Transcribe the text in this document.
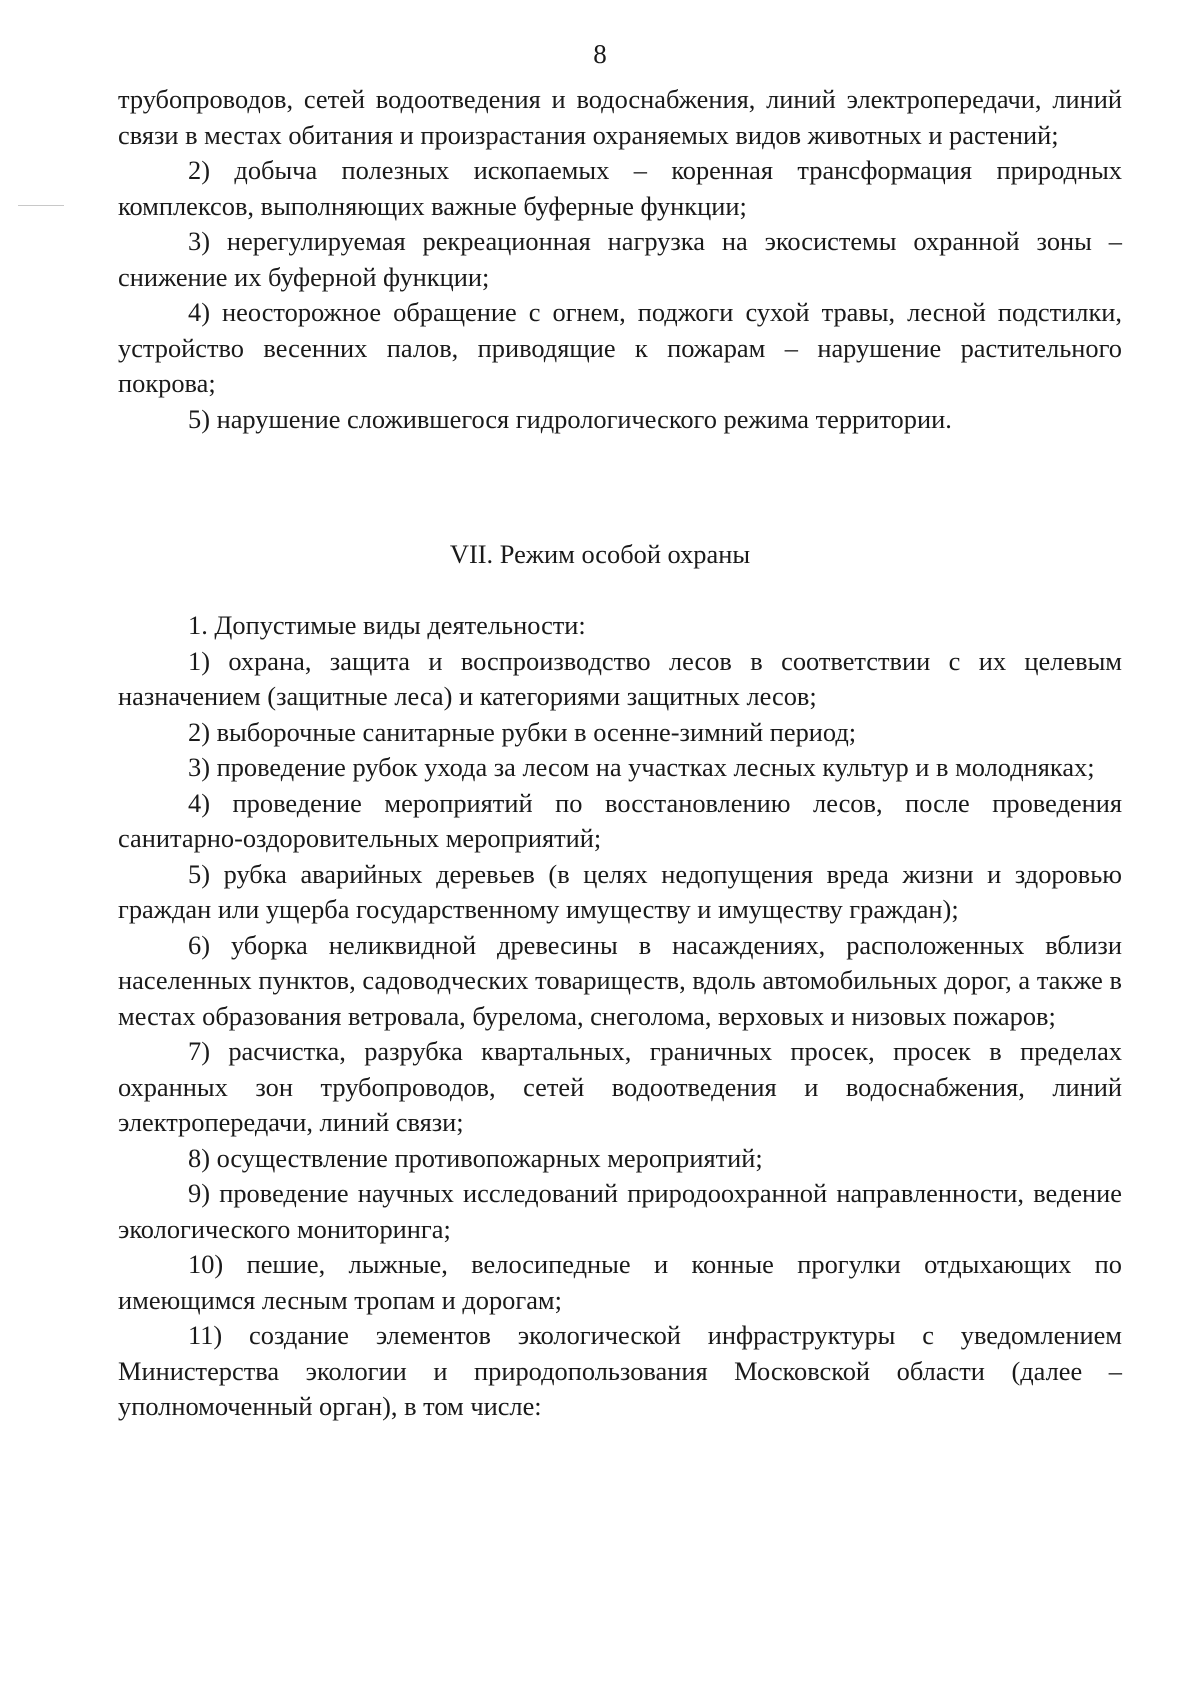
8

трубопроводов, сетей водоотведения и водоснабжения, линий электропередачи, линий связи в местах обитания и произрастания охраняемых видов животных и растений;

2) добыча полезных ископаемых – коренная трансформация природных комплексов, выполняющих важные буферные функции;

3) нерегулируемая рекреационная нагрузка на экосистемы охранной зоны – снижение их буферной функции;

4) неосторожное обращение с огнем, поджоги сухой травы, лесной подстилки, устройство весенних палов, приводящие к пожарам – нарушение растительного покрова;

5) нарушение сложившегося гидрологического режима территории.

VII. Режим особой охраны

1. Допустимые виды деятельности:

1) охрана, защита и воспроизводство лесов в соответствии с их целевым назначением (защитные леса) и категориями защитных лесов;

2) выборочные санитарные рубки в осенне-зимний период;

3) проведение рубок ухода за лесом на участках лесных культур и в молодняках;

4) проведение мероприятий по восстановлению лесов, после проведения санитарно-оздоровительных мероприятий;

5) рубка аварийных деревьев (в целях недопущения вреда жизни и здоровью граждан или ущерба государственному имуществу и имуществу граждан);

6) уборка неликвидной древесины в насаждениях, расположенных вблизи населенных пунктов, садоводческих товариществ, вдоль автомобильных дорог, а также в местах образования ветровала, бурелома, снеголома, верховых и низовых пожаров;

7) расчистка, разрубка квартальных, граничных просек, просек в пределах охранных зон трубопроводов, сетей водоотведения и водоснабжения, линий электропередачи, линий связи;

8) осуществление противопожарных мероприятий;

9) проведение научных исследований природоохранной направленности, ведение экологического мониторинга;

10) пешие, лыжные, велосипедные и конные прогулки отдыхающих по имеющимся лесным тропам и дорогам;

11) создание элементов экологической инфраструктуры с уведомлением Министерства экологии и природопользования Московской области (далее – уполномоченный орган), в том числе:
